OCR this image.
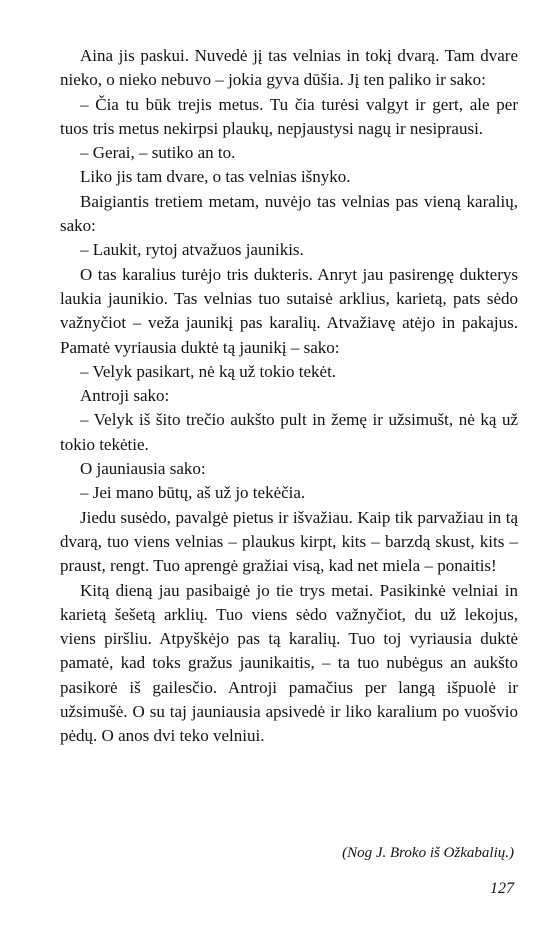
Aina jis paskui. Nuvedė jį tas velnias in tokį dvarą. Tam dvare nieko, o nieko nebuvo – jokia gyva dūšia. Jį ten paliko ir sako:

– Čia tu būk trejis metus. Tu čia turėsi valgyt ir gert, ale per tuos tris metus nekirpsi plaukų, nepjaustysi nagų ir nesiprausi.

– Gerai, – sutiko an to.

Liko jis tam dvare, o tas velnias išnyko.

Baigiantis tretiem metam, nuvėjo tas velnias pas vieną karalių, sako:

– Laukit, rytoj atvažuos jaunikis.

O tas karalius turėjo tris dukteris. Anryt jau pasirengę dukterys laukia jaunikio. Tas velnias tuo sutaisė arklius, karietą, pats sėdo važnyčiot – veža jaunikį pas karalių. Atvažiavę atėjo in pakajus. Pamatė vyriausia duktė tą jaunikį – sako:

– Velyk pasikart, nė ką už tokio tekėt.

Antroji sako:

– Velyk iš šito trečio aukšto pult in žemę ir užsimušt, nė ką už tokio tekėtie.

O jauniausia sako:

– Jei mano būtų, aš už jo tekėčia.

Jiedu susėdo, pavalgė pietus ir išvažiau. Kaip tik parvažiau in tą dvarą, tuo viens velnias – plaukus kirpt, kits – barzdą skust, kits – praust, rengt. Tuo aprengė gražiai visą, kad net miela – ponaitis!

Kitą dieną jau pasibaigė jo tie trys metai. Pasikinkė velniai in karietą šešetą arklių. Tuo viens sėdo važnyčiot, du už lekojus, viens piršliu. Atpyškėjo pas tą karalių. Tuo toj vyriausia duktė pamatė, kad toks gražus jaunikaitis, – ta tuo nubėgus an aukšto pasikorė iš gailesčio. Antroji pamačius per langą išpuolė ir užsimušė. O su taj jauniausia apsivedė ir liko karalium po vuošvio pėdų. O anos dvi teko velniui.

(Nog J. Broko iš Ožkabalių.)

127
